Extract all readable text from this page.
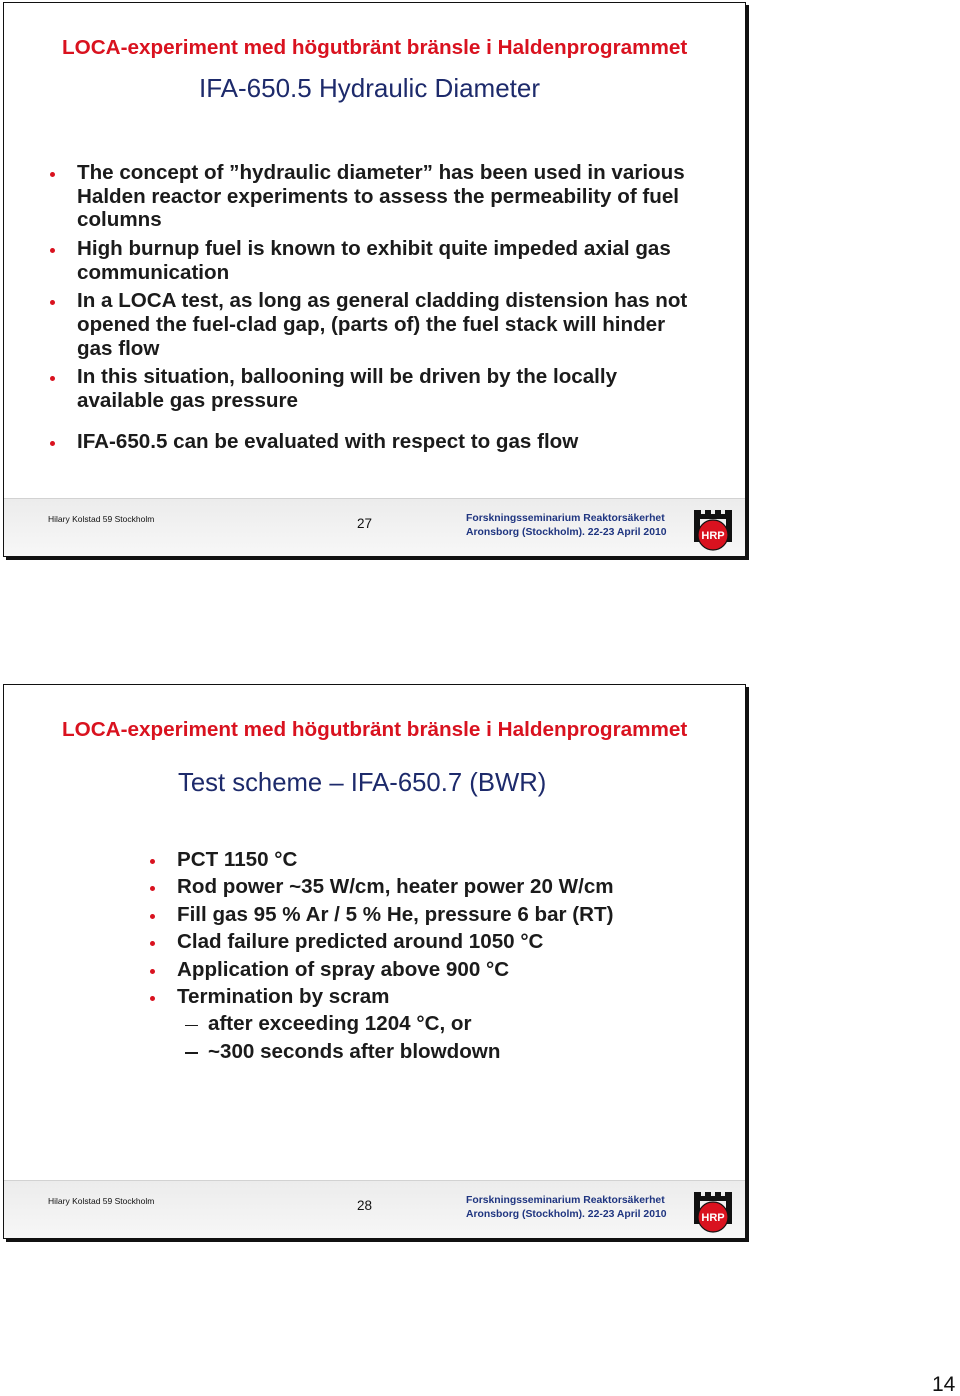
LOCA-experiment med högutbränt bränsle i Haldenprogrammet
IFA-650.5 Hydraulic Diameter
The concept of ”hydraulic diameter” has been used in various
Halden reactor experiments to assess the permeability of fuel
columns
High burnup fuel is known to exhibit quite impeded axial gas
communication
In a LOCA test, as long as general cladding distension has not
opened the fuel-clad gap, (parts of) the fuel stack will hinder
gas flow
In this situation, ballooning will be driven by the locally
available gas pressure
IFA-650.5 can be evaluated with respect to gas flow
Hilary Kolstad 59 Stockholm	27	Forskningsseminarium Reaktorsäkerhet
Aronsborg (Stockholm). 22-23 April 2010	HRP
LOCA-experiment med högutbränt bränsle i Haldenprogrammet
Test scheme – IFA-650.7 (BWR)
PCT 1150 °C
Rod power ~35 W/cm, heater power 20 W/cm
Fill gas 95 % Ar / 5 % He, pressure 6 bar (RT)
Clad failure predicted around 1050 °C
Application of spray above 900 °C
Termination by scram
after exceeding 1204 °C, or
~300 seconds after blowdown
Hilary Kolstad 59 Stockholm	28	Forskningsseminarium Reaktorsäkerhet
Aronsborg (Stockholm). 22-23 April 2010	HRP
14
